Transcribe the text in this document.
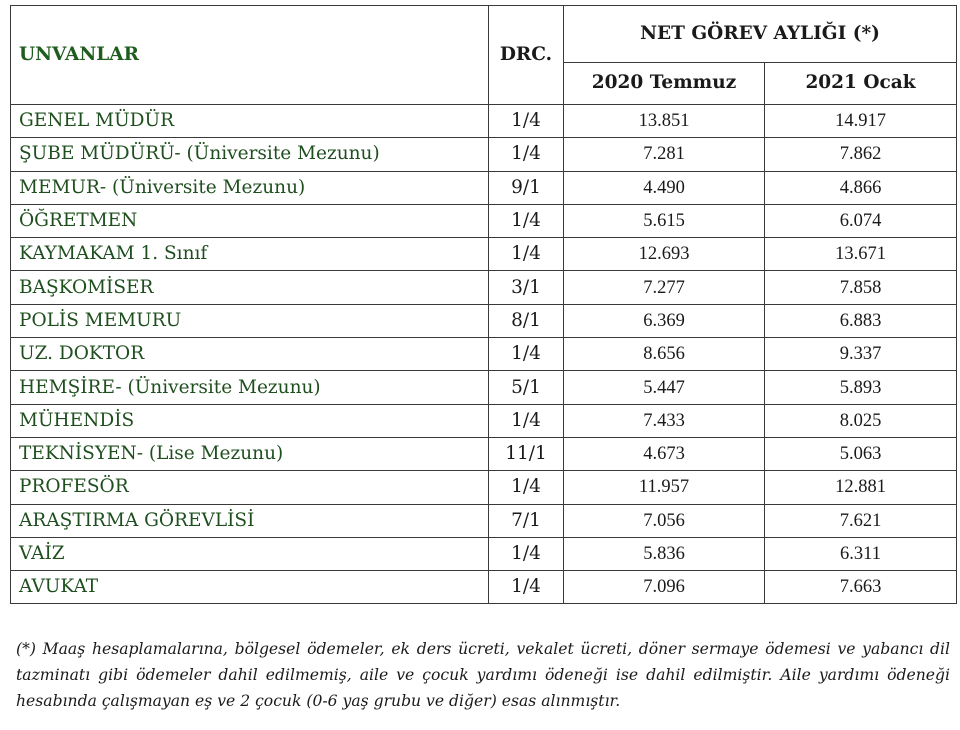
UNVANLAR	DRC.	NET GÖREV AYLIĞI (*)	
		2020 Temmuz	2021 Ocak
GENEL MÜDÜR	1/4	13.851	14.917
ŞUBE MÜDÜRÜ- (Üniversite Mezunu)	1/4	7.281	7.862
MEMUR- (Üniversite Mezunu)	9/1	4.490	4.866
ÖĞRETMEN	1/4	5.615	6.074
KAYMAKAM 1. Sınıf	1/4	12.693	13.671
BAŞKOMİSER	3/1	7.277	7.858
POLİS MEMURU	8/1	6.369	6.883
UZ. DOKTOR	1/4	8.656	9.337
HEMŞİRE- (Üniversite Mezunu)	5/1	5.447	5.893
MÜHENDİS	1/4	7.433	8.025
TEKNİSYEN- (Lise Mezunu)	11/1	4.673	5.063
PROFESÖR	1/4	11.957	12.881
ARAŞTIRMA GÖREVLİSİ	7/1	7.056	7.621
VAİZ	1/4	5.836	6.311
AVUKAT	1/4	7.096	7.663

(*) Maaş hesaplamalarına, bölgesel ödemeler, ek ders ücreti, vekalet ücreti, döner sermaye ödemesi ve yabancı dil tazminatı gibi ödemeler dahil edilmemiş, aile ve çocuk yardımı ödeneği ise dahil edilmiştir. Aile yardımı ödeneği hesabında çalışmayan eş ve 2 çocuk (0-6 yaş grubu ve diğer) esas alınmıştır.
